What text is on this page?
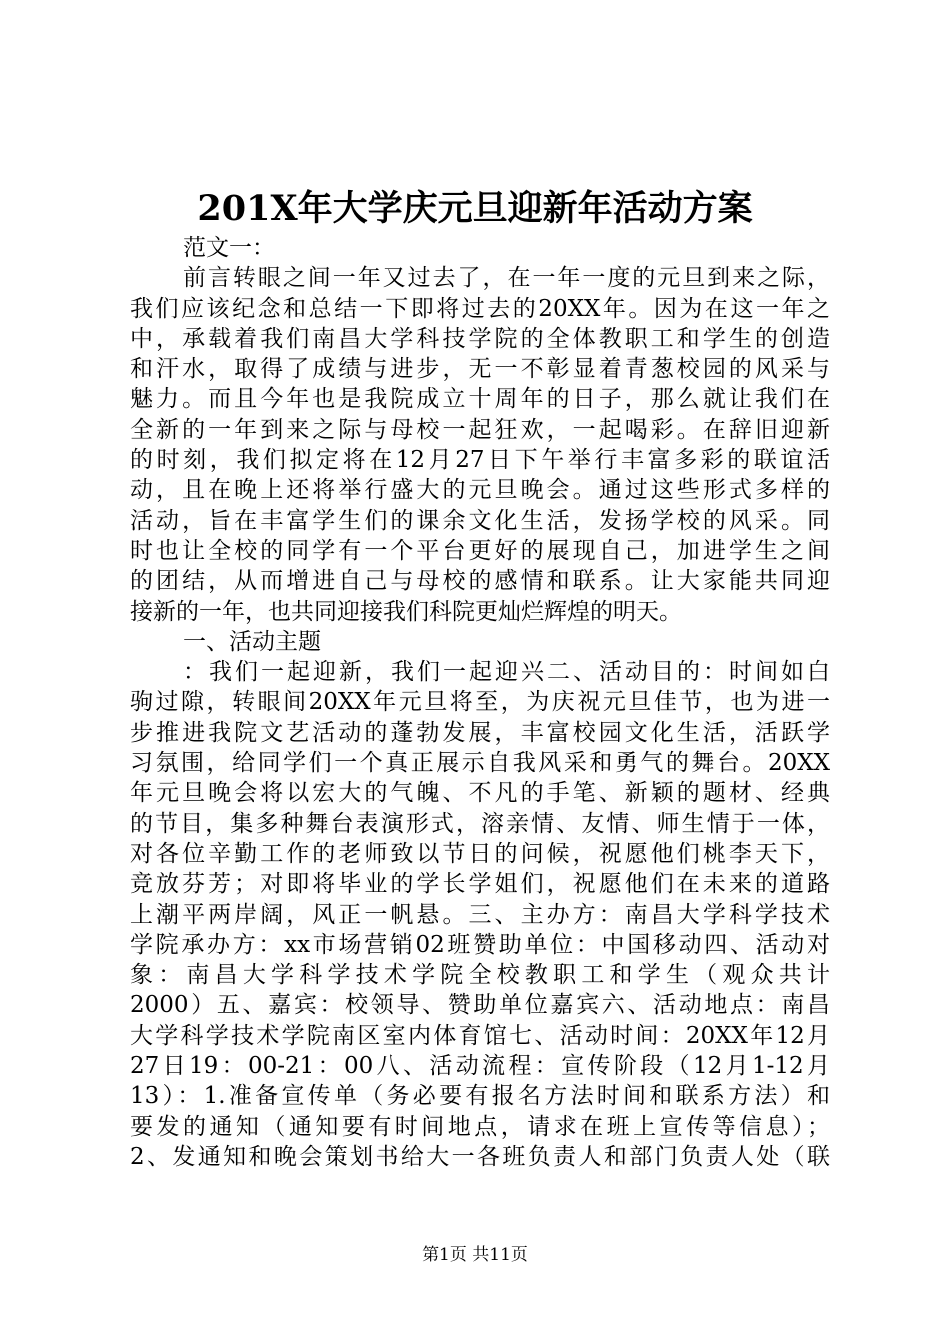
201X年大学庆元旦迎新年活动方案
范文一：
前言转眼之间一年又过去了，在一年一度的元旦到来之际，
我们应该纪念和总结一下即将过去的20XX年。因为在这一年之
中，承载着我们南昌大学科技学院的全体教职工和学生的创造
和汗水，取得了成绩与进步，无一不彰显着青葱校园的风采与
魅力。而且今年也是我院成立十周年的日子，那么就让我们在
全新的一年到来之际与母校一起狂欢，一起喝彩。在辞旧迎新
的时刻，我们拟定将在12月27日下午举行丰富多彩的联谊活
动，且在晚上还将举行盛大的元旦晚会。通过这些形式多样的
活动，旨在丰富学生们的课余文化生活，发扬学校的风采。同
时也让全校的同学有一个平台更好的展现自己，加进学生之间
的团结，从而增进自己与母校的感情和联系。让大家能共同迎
接新的一年，也共同迎接我们科院更灿烂辉煌的明天。
一、活动主题
：我们一起迎新，我们一起迎兴二、活动目的：时间如白
驹过隙，转眼间20XX年元旦将至，为庆祝元旦佳节，也为进一
步推进我院文艺活动的蓬勃发展，丰富校园文化生活，活跃学
习氛围，给同学们一个真正展示自我风采和勇气的舞台。20XX
年元旦晚会将以宏大的气魄、不凡的手笔、新颖的题材、经典
的节目，集多种舞台表演形式，溶亲情、友情、师生情于一体，
对各位辛勤工作的老师致以节日的问候，祝愿他们桃李天下，
竞放芬芳；对即将毕业的学长学姐们，祝愿他们在未来的道路
上潮平两岸阔，风正一帆悬。三、主办方：南昌大学科学技术
学院承办方：xx市场营销02班赞助单位：中国移动四、活动对
象：南昌大学科学技术学院全校教职工和学生（观众共计
2000）五、嘉宾：校领导、赞助单位嘉宾六、活动地点：南昌
大学科学技术学院南区室内体育馆七、活动时间：20XX年12月
27日19：00-21：00八、活动流程：宣传阶段（12月1-12月
13）：1.准备宣传单（务必要有报名方法时间和联系方法）和
要发的通知（通知要有时间地点，请求在班上宣传等信息）；
2、发通知和晚会策划书给大一各班负责人和部门负责人处（联
第1页 共11页
